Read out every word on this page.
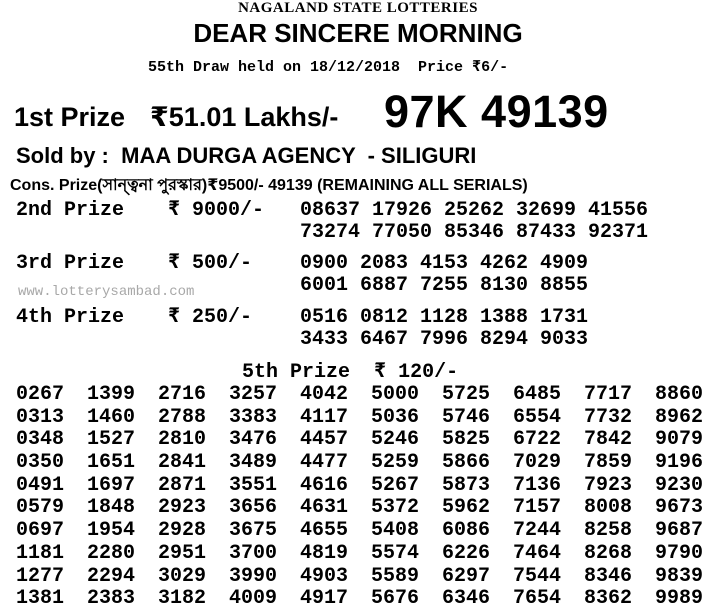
NAGALAND STATE LOTTERIES
DEAR SINCERE MORNING
55th Draw held on 18/12/2018  Price ₹6/-
1st Prize ₹51.01 Lakhs/- 97K 49139
Sold by :  MAA DURGA AGENCY  - SILIGURI
Cons. Prize(সান্ত্বনা পুরস্কার)₹9500/- 49139 (REMAINING ALL SERIALS)
2nd Prize ₹ 9000/- 08637 17926 25262 32699 41556
73274 77050 85346 87433 92371
3rd Prize ₹ 500/- 0900 2083 4153 4262 4909
6001 6887 7255 8130 8855
www.lotterysambad.com
4th Prize ₹ 250/- 0516 0812 1128 1388 1731
3433 6467 7996 8294 9033
5th Prize  ₹ 120/-
0267	1399	2716	3257	4042	5000	5725	6485	7717	8860
0313	1460	2788	3383	4117	5036	5746	6554	7732	8962
0348	1527	2810	3476	4457	5246	5825	6722	7842	9079
0350	1651	2841	3489	4477	5259	5866	7029	7859	9196
0491	1697	2871	3551	4616	5267	5873	7136	7923	9230
0579	1848	2923	3656	4631	5372	5962	7157	8008	9673
0697	1954	2928	3675	4655	5408	6086	7244	8258	9687
1181	2280	2951	3700	4819	5574	6226	7464	8268	9790
1277	2294	3029	3990	4903	5589	6297	7544	8346	9839
1381	2383	3182	4009	4917	5676	6346	7654	8362	9989
